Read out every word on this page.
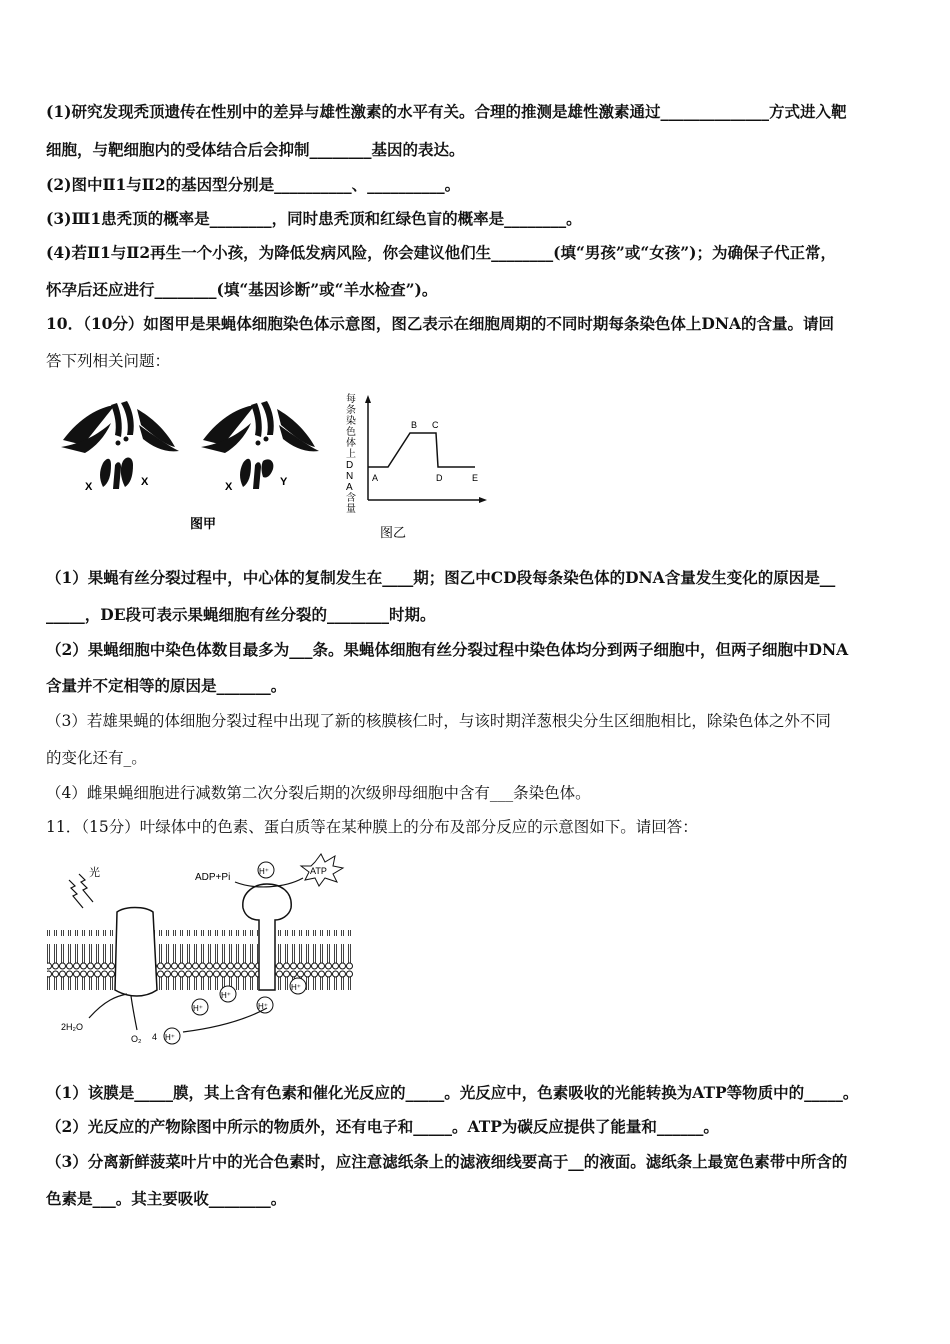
(1)研究发现秃顶遗传在性别中的差异与雄性激素的水平有关。合理的推测是雄性激素通过______________方式进入靶
细胞，与靶细胞内的受体结合后会抑制________基因的表达。
(2)图中Ⅱ1与Ⅱ2的基因型分别是__________、__________。
(3)Ⅲ1患秃顶的概率是________，同时患秃顶和红绿色盲的概率是________。
(4)若Ⅱ1与Ⅱ2再生一个小孩，为降低发病风险，你会建议他们生________(填“男孩”或“女孩”)；为确保子代正常，
怀孕后还应进行________(填“基因诊断”或“羊水检查”)。
10．（10分）如图甲是果蝇体细胞染色体示意图，图乙表示在细胞周期的不同时期每条染色体上DNA的含量。请回
答下列相关问题：
X	X	X	Y
图甲
每条染色体上 D N A 含量
A
B C
D	E
图乙
（1）果蝇有丝分裂过程中，中心体的复制发生在____期；图乙中CD段每条染色体的DNA含量发生变化的原因是__
_____，DE段可表示果蝇细胞有丝分裂的________时期。
（2）果蝇细胞中染色体数目最多为___条。果蝇体细胞有丝分裂过程中染色体均分到两子细胞中，但两子细胞中DNA
含量并不定相等的原因是_______。
（3）若雄果蝇的体细胞分裂过程中出现了新的核膜核仁时，与该时期洋葱根尖分生区细胞相比，除染色体之外不同
的变化还有_。
（4）雌果蝇细胞进行减数第二次分裂后期的次级卵母细胞中含有___条染色体。
11．（15分）叶绿体中的色素、蛋白质等在某种膜上的分布及部分反应的示意图如下。请回答：
光	ADP+Pi
H⁺	ATP
H⁺
H⁺
H⁺	H⁺
H⁺
2H₂O
O₂ 4
（1）该膜是_____膜，其上含有色素和催化光反应的_____。光反应中，色素吸收的光能转换为ATP等物质中的_____。
（2）光反应的产物除图中所示的物质外，还有电子和_____。ATP为碳反应提供了能量和______。
（3）分离新鲜菠菜叶片中的光合色素时，应注意滤纸条上的滤液细线要高于__的液面。滤纸条上最宽色素带中所含的
色素是___。其主要吸收________。
